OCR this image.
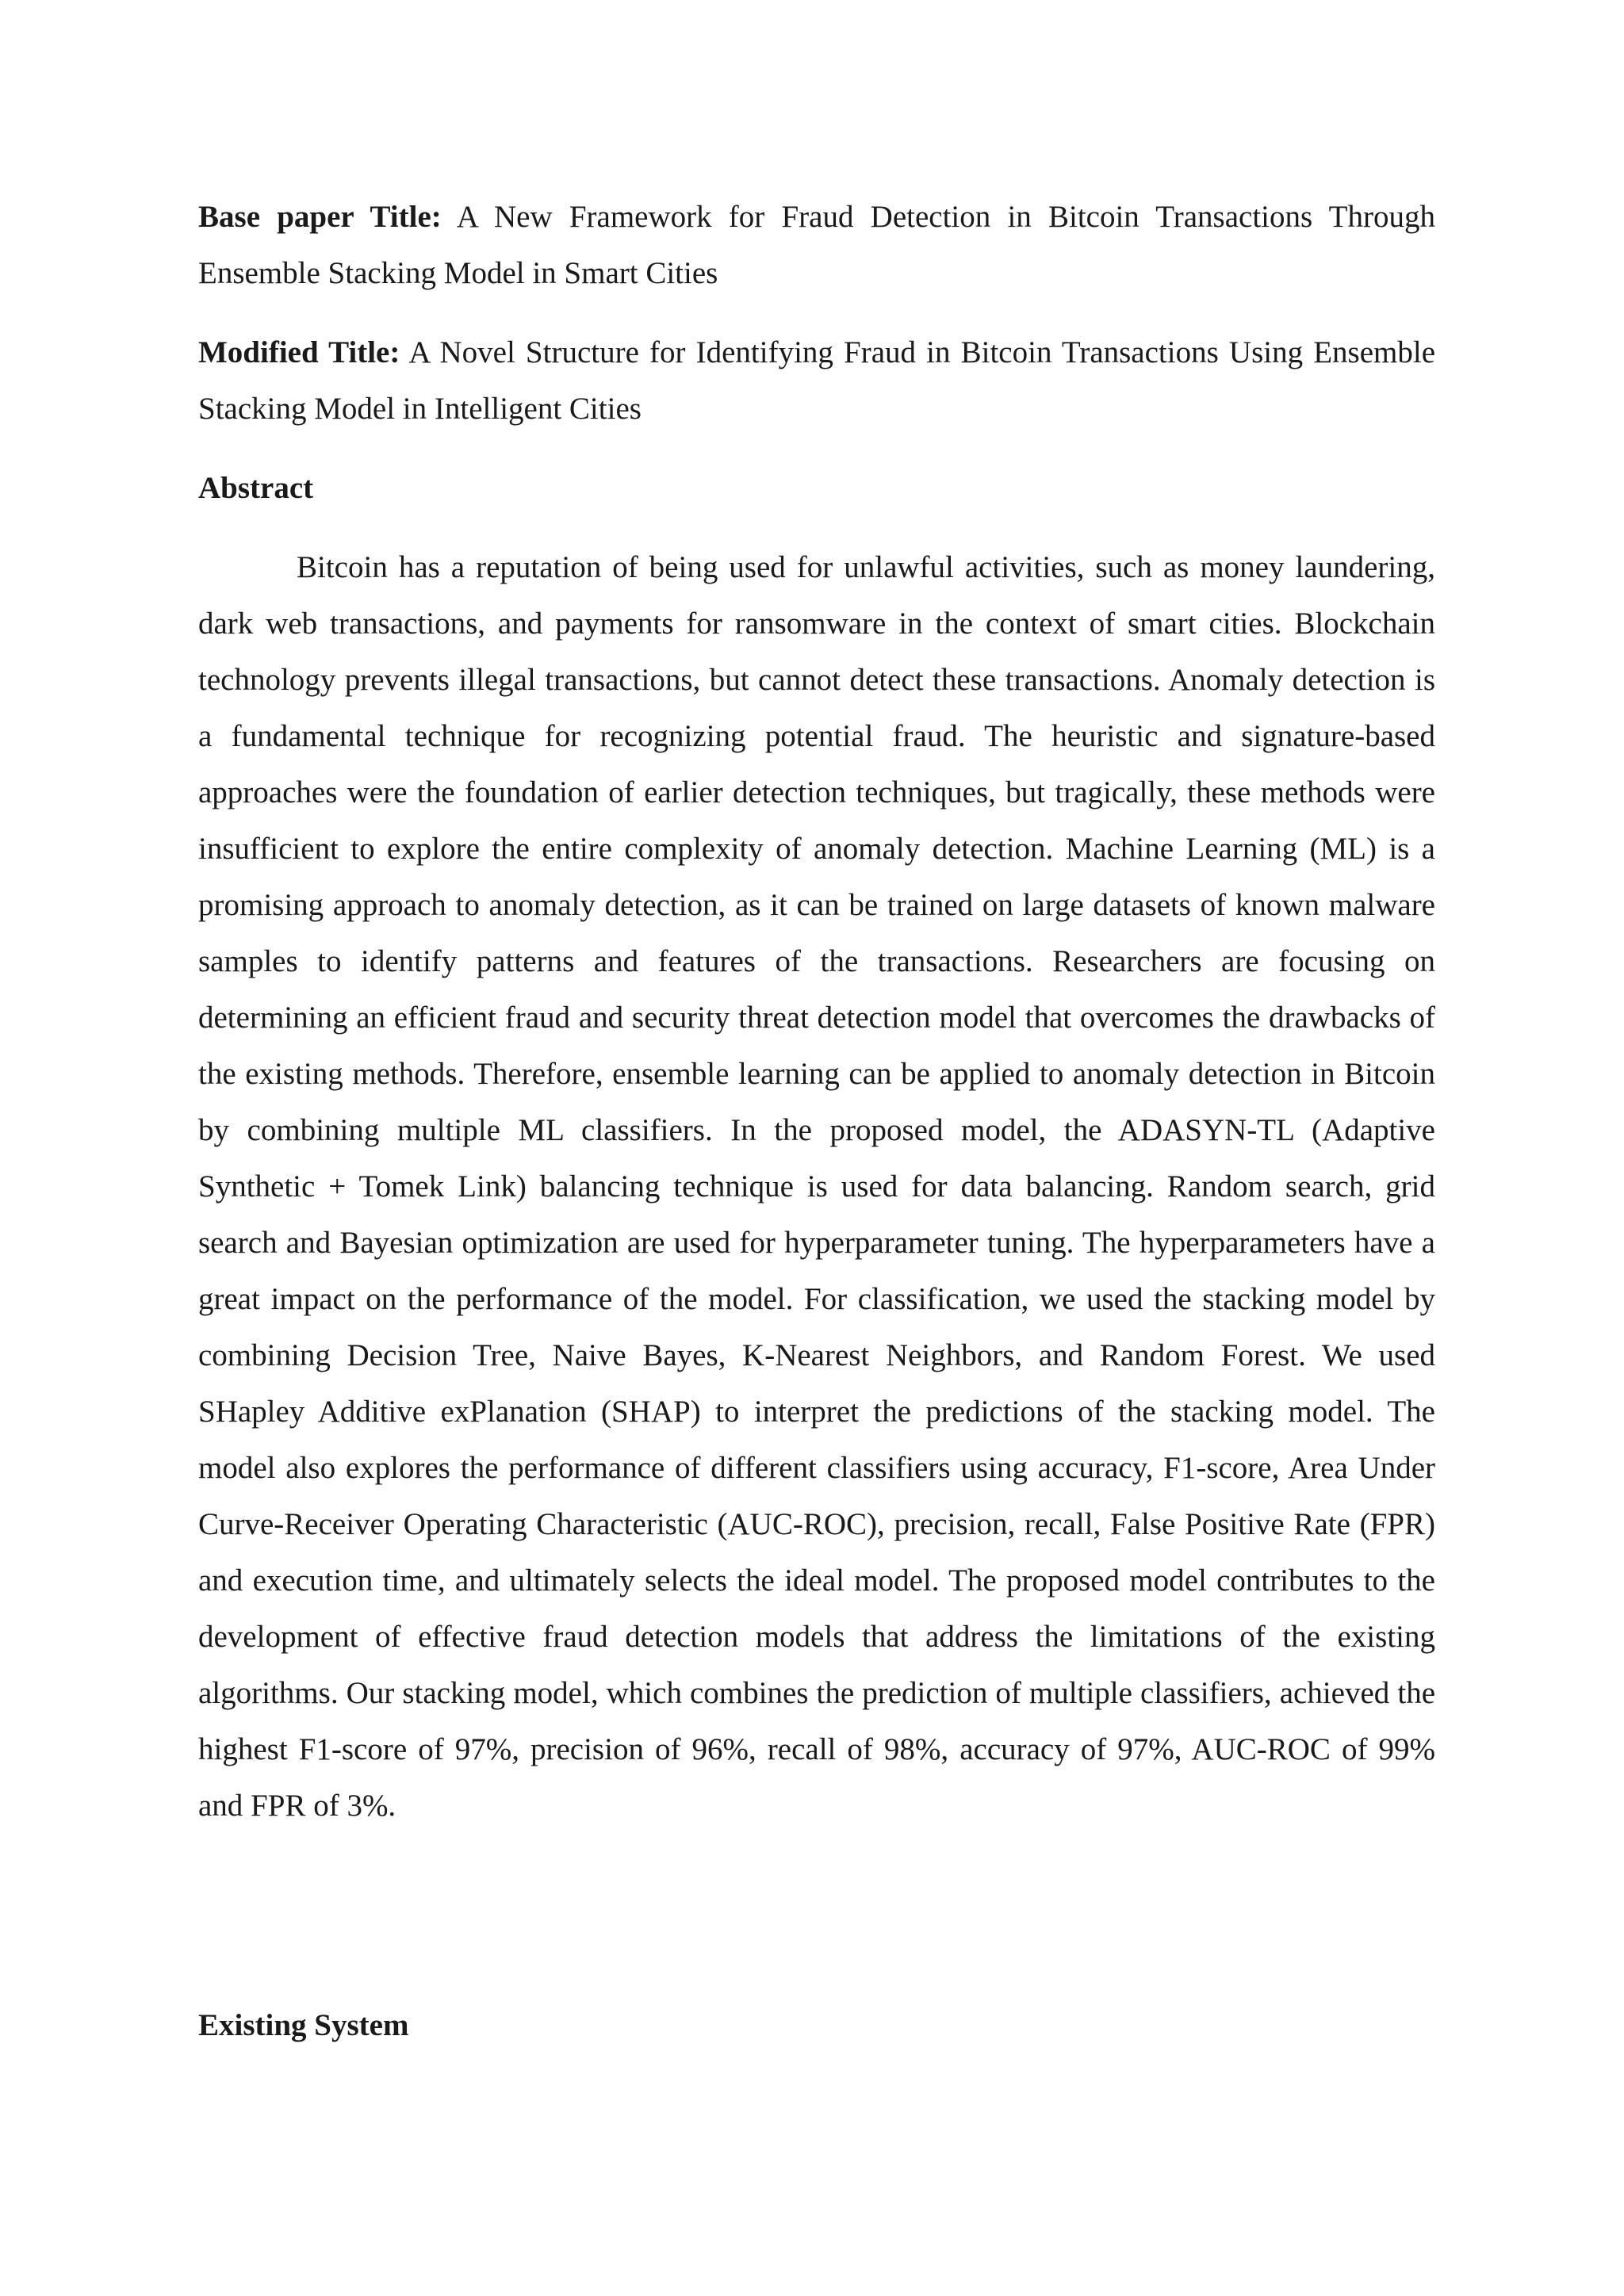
Base paper Title: A New Framework for Fraud Detection in Bitcoin Transactions Through Ensemble Stacking Model in Smart Cities

Modified Title: A Novel Structure for Identifying Fraud in Bitcoin Transactions Using Ensemble Stacking Model in Intelligent Cities

Abstract

Bitcoin has a reputation of being used for unlawful activities, such as money laundering, dark web transactions, and payments for ransomware in the context of smart cities. Blockchain technology prevents illegal transactions, but cannot detect these transactions. Anomaly detection is a fundamental technique for recognizing potential fraud. The heuristic and signature-based approaches were the foundation of earlier detection techniques, but tragically, these methods were insufficient to explore the entire complexity of anomaly detection. Machine Learning (ML) is a promising approach to anomaly detection, as it can be trained on large datasets of known malware samples to identify patterns and features of the transactions. Researchers are focusing on determining an efficient fraud and security threat detection model that overcomes the drawbacks of the existing methods. Therefore, ensemble learning can be applied to anomaly detection in Bitcoin by combining multiple ML classifiers. In the proposed model, the ADASYN-TL (Adaptive Synthetic + Tomek Link) balancing technique is used for data balancing. Random search, grid search and Bayesian optimization are used for hyperparameter tuning. The hyperparameters have a great impact on the performance of the model. For classification, we used the stacking model by combining Decision Tree, Naive Bayes, K-Nearest Neighbors, and Random Forest. We used SHapley Additive exPlanation (SHAP) to interpret the predictions of the stacking model. The model also explores the performance of different classifiers using accuracy, F1-score, Area Under Curve-Receiver Operating Characteristic (AUC-ROC), precision, recall, False Positive Rate (FPR) and execution time, and ultimately selects the ideal model. The proposed model contributes to the development of effective fraud detection models that address the limitations of the existing algorithms. Our stacking model, which combines the prediction of multiple classifiers, achieved the highest F1-score of 97%, precision of 96%, recall of 98%, accuracy of 97%, AUC-ROC of 99% and FPR of 3%.

Existing System
